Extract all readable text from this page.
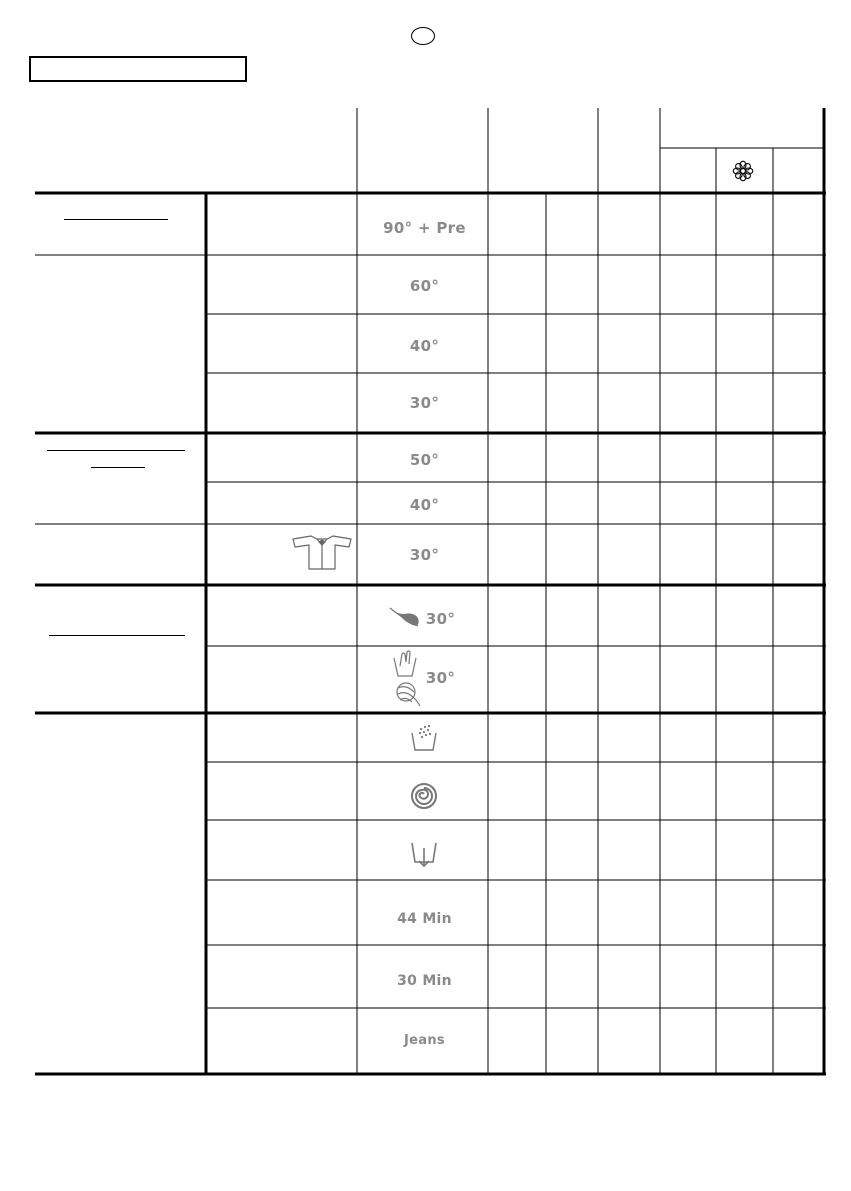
90° + Pre
60°
40°
30°
50°
40°
30°
30°
30°
44 Min
30 Min
Jeans
